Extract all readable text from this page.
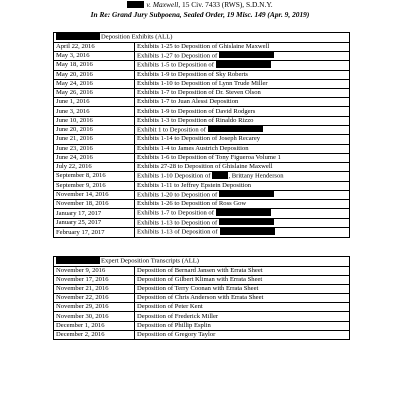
v. Maxwell, 15 Civ. 7433 (RWS), S.D.N.Y.
In Re: Grand Jury Subpoena, Sealed Order, 19 Misc. 149 (Apr. 9, 2019)
Deposition Exhibits (ALL)	
April 22, 2016	Exhibits 1-25 to Deposition of Ghislaine Maxwell
May 3, 2016	Exhibits 1-27 to Deposition of
May 18, 2016	Exhibits 1-5 to Deposition of
May 20, 2016	Exhibits 1-9 to Deposition of Sky Roberts
May 24, 2016	Exhibits 1-10 to Deposition of Lynn Trude Miller
May 26, 2016	Exhibits 1-7 to Deposition of Dr. Steven Olson
June 1, 2016	Exhibits 1-7 to Juan Alessi Deposition
June 3, 2016	Exhibits 1-9 to Deposition of David Rodgers
June 10, 2016	Exhibits 1-3 to Deposition of Rinaldo Rizzo
June 20, 2016	Exhibit 1 to Deposition of
June 21, 2016	Exhibits 1-14 to Deposition of Joseph Recarey
June 23, 2016	Exhibits 1-4 to James Austrich Deposition
June 24, 2016	Exhibits 1-6 to Deposition of Tony Figueroa Volume 1
July 22, 2016	Exhibits 27-28 to Deposition of Ghislaine Maxwell
September 8, 2016	Exhibits 1-10 Deposition of , Brittany Henderson
September 9, 2016	Exhibits 1-11 to Jeffrey Epstein Deposition
November 14, 2016	Exhibits 1-20 to Deposition of
November 18, 2016	Exhibits 1-26 to Deposition of Ross Gow
January 17, 2017	Exhibits 1-7 to Deposition of
January 25, 2017	Exhibits 1-13 to Deposition of
February 17, 2017	Exhibits 1-13 of Deposition of
Expert Deposition Transcripts (ALL)	
November 9, 2016	Deposition of Bernard Jansen with Errata Sheet
November 17, 2016	Deposition of Gilbert Kliman with Errata Sheet
November 21, 2016	Deposition of Terry Coonan with Errata Sheet
November 22, 2016	Deposition of Chris Anderson with Errata Sheet
November 29, 2016	Deposition of Peter Kent
November 30, 2016	Deposition of Frederick Miller
December 1, 2016	Deposition of Phillip Esplin
December 2, 2016	Deposition of Gregory Taylor
